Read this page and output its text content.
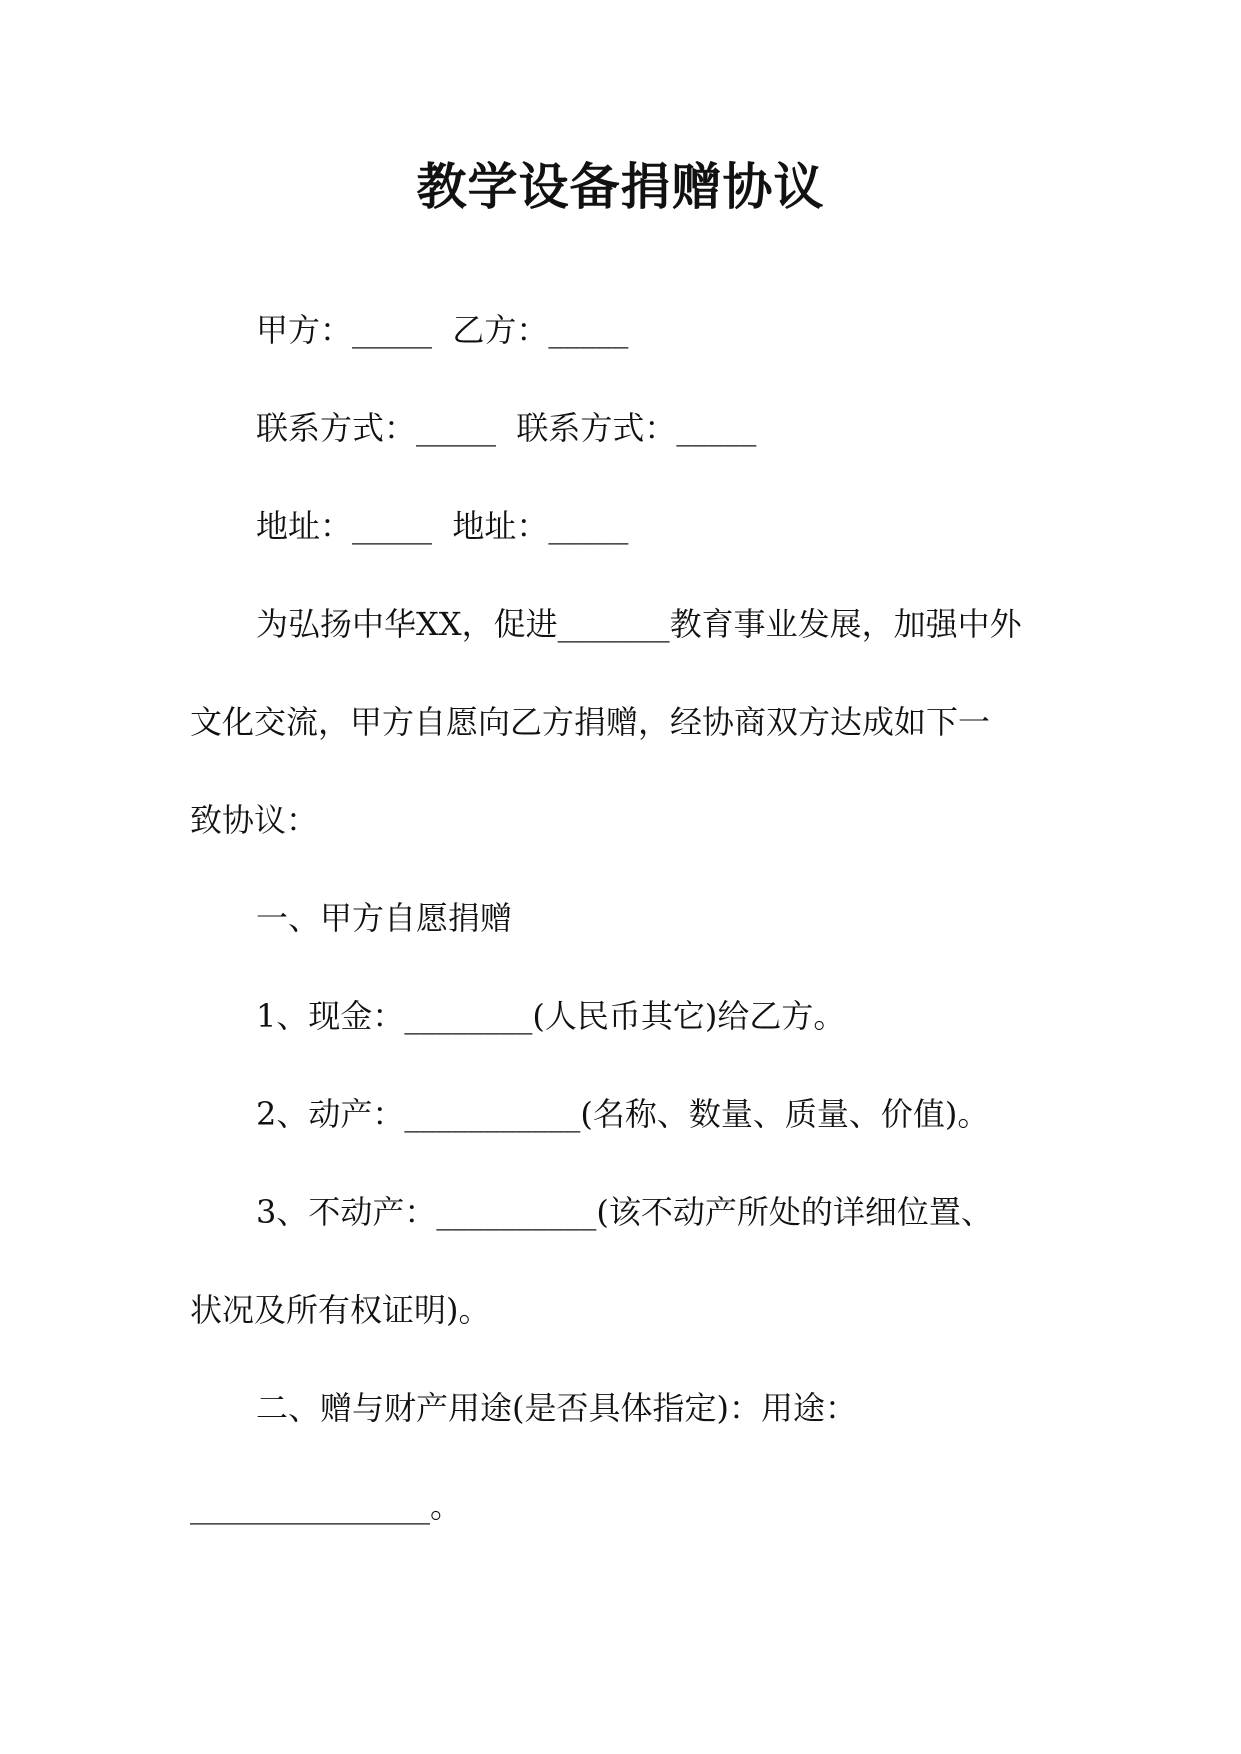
教学设备捐赠协议

甲方：_____  乙方：_____

联系方式：_____  联系方式：_____

地址：_____  地址：_____

为弘扬中华XX，促进_______教育事业发展，加强中外

文化交流，甲方自愿向乙方捐赠，经协商双方达成如下一

致协议：

一、甲方自愿捐赠

1、现金：________(人民币其它)给乙方。

2、动产：___________(名称、数量、质量、价值)。

3、不动产：__________(该不动产所处的详细位置、

状况及所有权证明)。

二、赠与财产用途(是否具体指定)：用途：

_______________。
